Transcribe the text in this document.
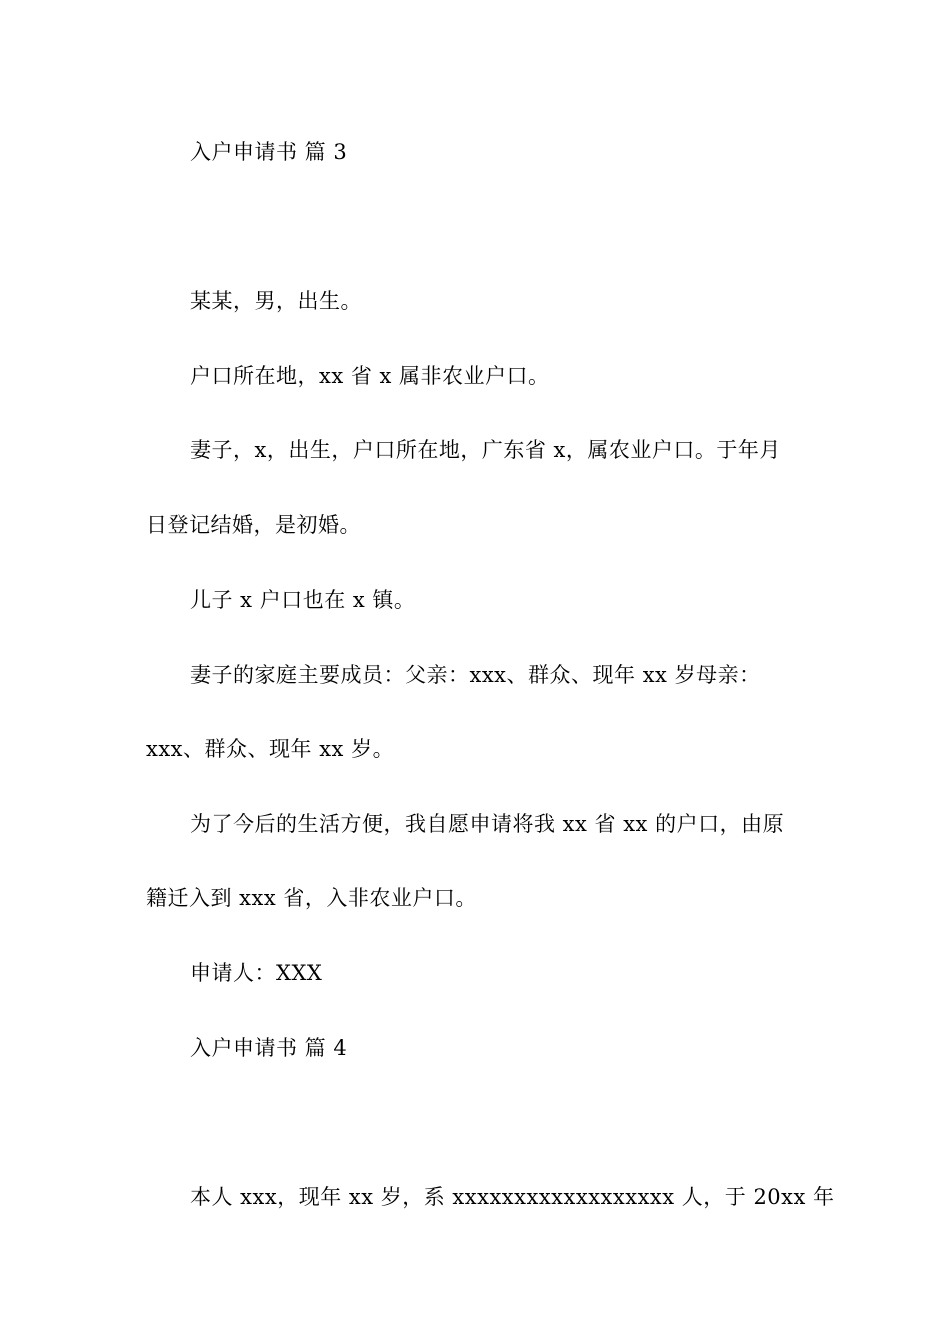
入户申请书 篇 3
某某，男，出生。
户口所在地，xx 省 x 属非农业户口。
妻子，x，出生，户口所在地，广东省 x，属农业户口。于年月
日登记结婚，是初婚。
儿子 x 户口也在 x 镇。
妻子的家庭主要成员：父亲：xxx、群众、现年 xx 岁母亲：
xxx、群众、现年 xx 岁。
为了今后的生活方便，我自愿申请将我 xx 省 xx 的户口，由原
籍迁入到 xxx 省，入非农业户口。
申请人：XXX
入户申请书 篇 4
本人 xxx，现年 xx 岁，系 xxxxxxxxxxxxxxxxxx 人，于 20xx 年
